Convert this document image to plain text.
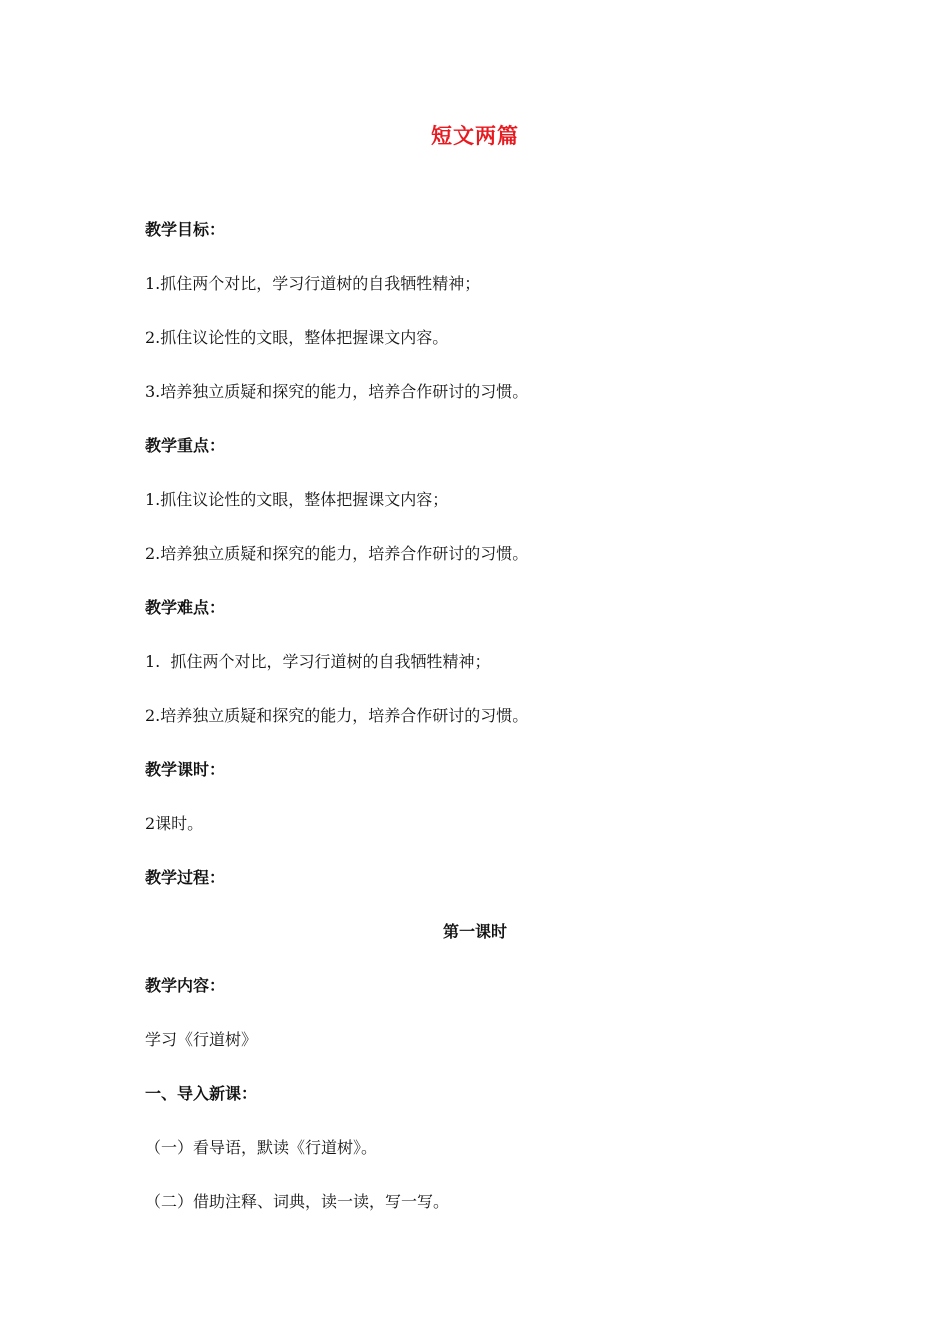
短文两篇
教学目标：
1.抓住两个对比，学习行道树的自我牺牲精神；
2.抓住议论性的文眼，整体把握课文内容。
3.培养独立质疑和探究的能力，培养合作研讨的习惯。
教学重点：
1.抓住议论性的文眼，整体把握课文内容；
2.培养独立质疑和探究的能力，培养合作研讨的习惯。
教学难点：
1.  抓住两个对比，学习行道树的自我牺牲精神；
2.培养独立质疑和探究的能力，培养合作研讨的习惯。
教学课时：
2课时。
教学过程：
第一课时
教学内容：
学习《行道树》
一、导入新课：
（一）看导语，默读《行道树》。
（二）借助注释、词典，读一读，写一写。
